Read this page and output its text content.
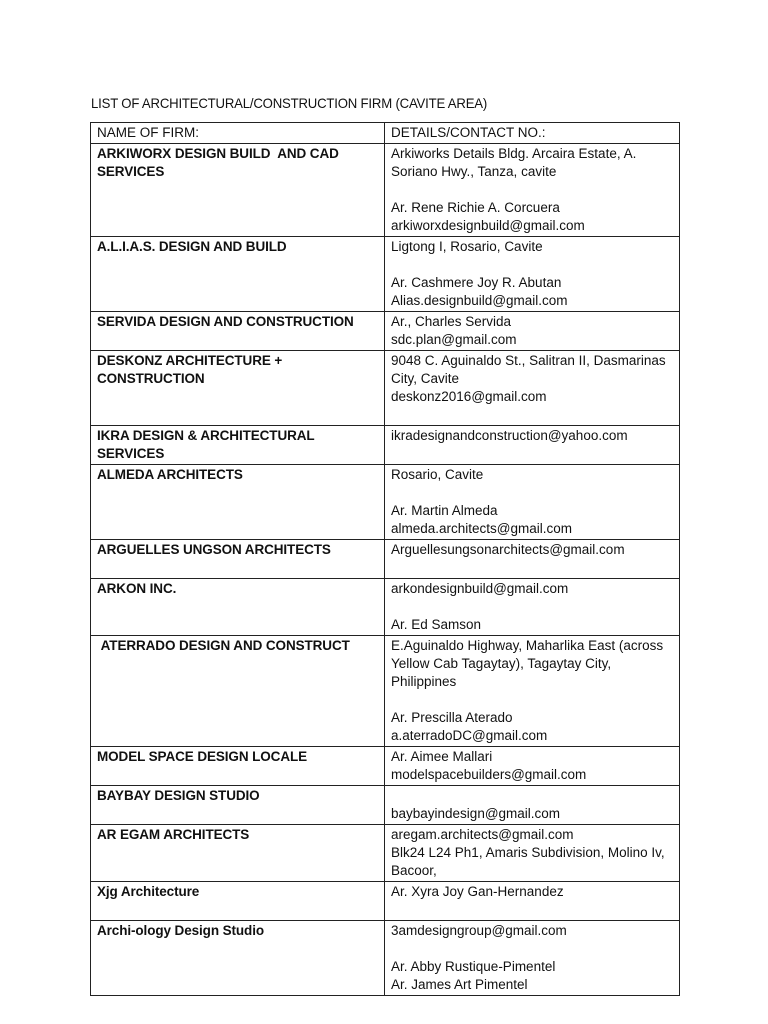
LIST OF ARCHITECTURAL/CONSTRUCTION FIRM (CAVITE AREA)
NAME OF FIRM:	DETAILS/CONTACT NO.:
ARKIWORX DESIGN BUILD  AND CAD SERVICES	Arkiworks Details Bldg. Arcaira Estate, A. Soriano Hwy., Tanza, cavite
Ar. Rene Richie A. Corcuera
arkiworxdesignbuild@gmail.com

A.L.I.A.S. DESIGN AND BUILD	Ligtong I, Rosario, Cavite
Ar. Cashmere Joy R. Abutan
Alias.designbuild@gmail.com

SERVIDA DESIGN AND CONSTRUCTION	Ar., Charles Servida
sdc.plan@gmail.com

DESKONZ ARCHITECTURE + CONSTRUCTION	9048 C. Aguinaldo St., Salitran II, Dasmarinas City, Cavite
deskonz2016@gmail.com

IKRA DESIGN & ARCHITECTURAL SERVICES	ikradesignandconstruction@yahoo.com

ALMEDA ARCHITECTS	Rosario, Cavite
Ar. Martin Almeda
almeda.architects@gmail.com

ARGUELLES UNGSON ARCHITECTS	Arguellesungsonarchitects@gmail.com

ARKON INC.	arkondesignbuild@gmail.com
Ar. Ed Samson

ATERRADO DESIGN AND CONSTRUCT	E.Aguinaldo Highway, Maharlika East (across Yellow Cab Tagaytay), Tagaytay City, Philippines
Ar. Prescilla Aterado
a.aterradoDC@gmail.com

MODEL SPACE DESIGN LOCALE	Ar. Aimee Mallari
modelspacebuilders@gmail.com

BAYBAY DESIGN STUDIO	baybayindesign@gmail.com

AR EGAM ARCHITECTS	aregam.architects@gmail.com
Blk24 L24 Ph1, Amaris Subdivision, Molino Iv, Bacoor,

Xjg Architecture	Ar. Xyra Joy Gan-Hernandez

Archi-ology Design Studio	3amdesigngroup@gmail.com
Ar. Abby Rustique-Pimentel
Ar. James Art Pimentel
